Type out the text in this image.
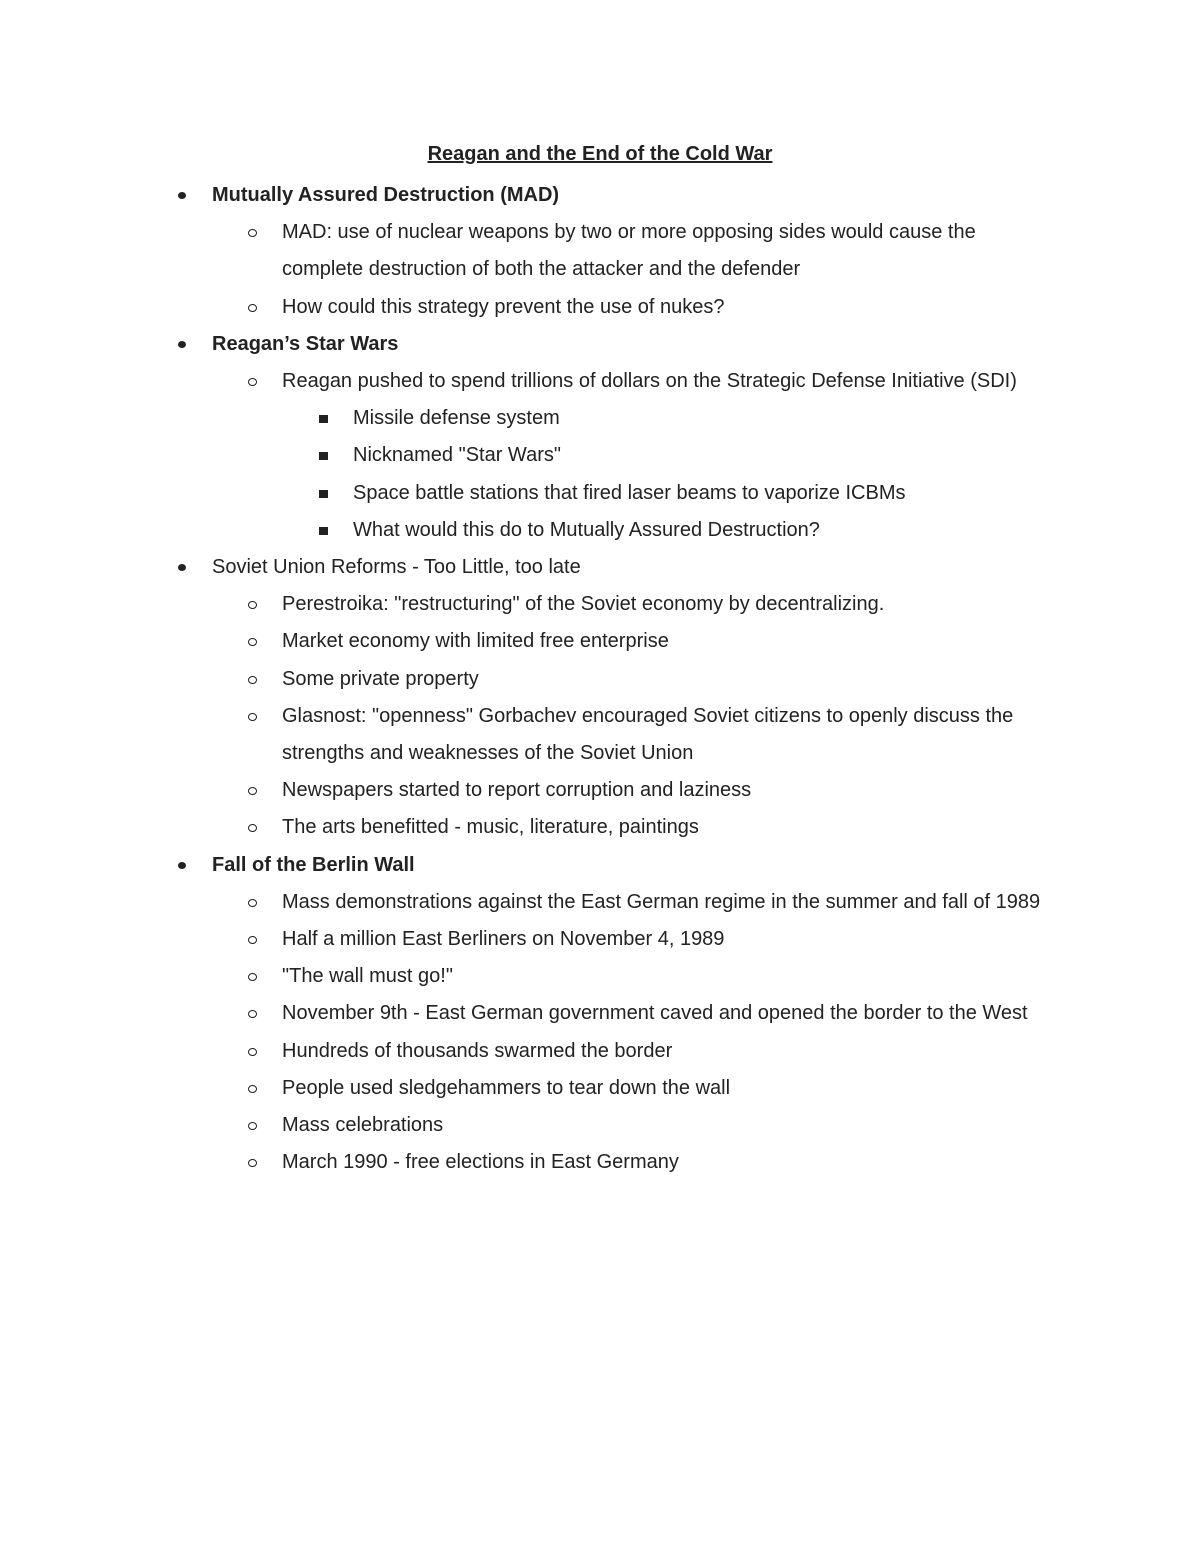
Reagan and the End of the Cold War
Mutually Assured Destruction (MAD)
MAD: use of nuclear weapons by two or more opposing sides would cause the complete destruction of both the attacker and the defender
How could this strategy prevent the use of nukes?
Reagan’s Star Wars
Reagan pushed to spend trillions of dollars on the Strategic Defense Initiative (SDI)
Missile defense system
Nicknamed "Star Wars"
Space battle stations that fired laser beams to vaporize ICBMs
What would this do to Mutually Assured Destruction?
Soviet Union Reforms - Too Little, too late
Perestroika: "restructuring" of the Soviet economy by decentralizing.
Market economy with limited free enterprise
Some private property
Glasnost: "openness" Gorbachev encouraged Soviet citizens to openly discuss the strengths and weaknesses of the Soviet Union
Newspapers started to report corruption and laziness
The arts benefitted - music, literature, paintings
Fall of the Berlin Wall
Mass demonstrations against the East German regime in the summer and fall of 1989
Half a million East Berliners on November 4, 1989
"The wall must go!"
November 9th - East German government caved and opened the border to the West
Hundreds of thousands swarmed the border
People used sledgehammers to tear down the wall
Mass celebrations
March 1990 - free elections in East Germany
